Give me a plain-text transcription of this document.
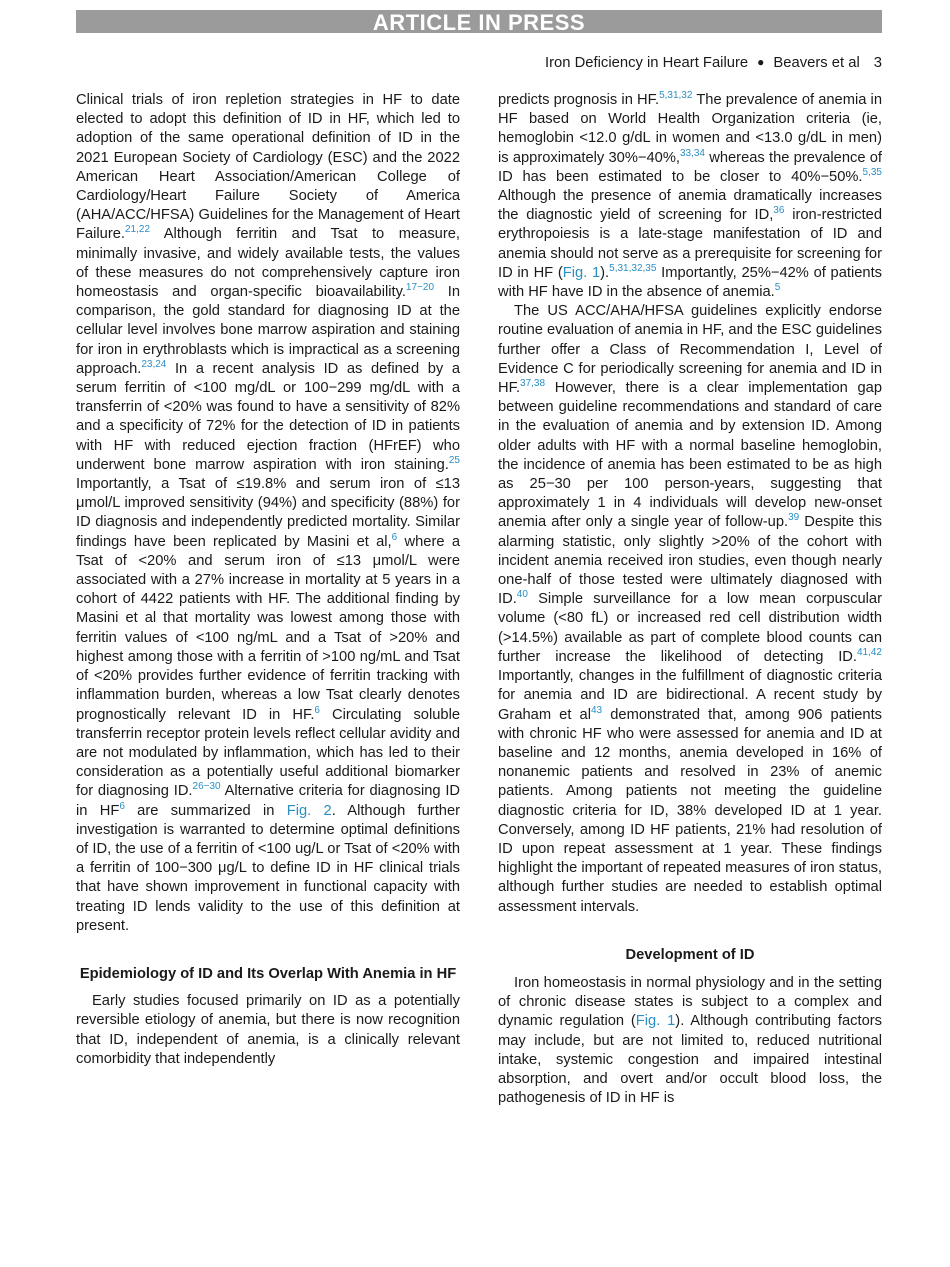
ARTICLE IN PRESS
Iron Deficiency in Heart Failure ● Beavers et al 3

Clinical trials of iron repletion strategies in HF to date elected to adopt this definition of ID in HF, which led to adoption of the same operational definition of ID in the 2021 European Society of Cardiology (ESC) and the 2022 American Heart Association/American College of Cardiology/Heart Failure Society of America (AHA/ACC/HFSA) Guidelines for the Management of Heart Failure.$^{21,22}$ Although ferritin and Tsat to measure, minimally invasive, and widely available tests, the values of these measures do not comprehensively capture iron homeostasis and organ-specific bioavailability.$^{17-20}$ In comparison, the gold standard for diagnosing ID at the cellular level involves bone marrow aspiration and staining for iron in erythroblasts which is impractical as a screening approach.$^{23,24}$ In a recent analysis ID as defined by a serum ferritin of <100 mg/dL or 100−299 mg/dL with a transferrin of <20% was found to have a sensitivity of 82% and a specificity of 72% for the detection of ID in patients with HF with reduced ejection fraction (HFrEF) who underwent bone marrow aspiration with iron staining.$^{25}$ Importantly, a Tsat of ≤19.8% and serum iron of ≤13 μmol/L improved sensitivity (94%) and specificity (88%) for ID diagnosis and independently predicted mortality. Similar findings have been replicated by Masini et al,$^6$ where a Tsat of <20% and serum iron of ≤13 μmol/L were associated with a 27% increase in mortality at 5 years in a cohort of 4422 patients with HF. The additional finding by Masini et al that mortality was lowest among those with ferritin values of <100 ng/mL and a Tsat of >20% and highest among those with a ferritin of >100 ng/mL and Tsat of <20% provides further evidence of ferritin tracking with inflammation burden, whereas a low Tsat clearly denotes prognostically relevant ID in HF.$^6$ Circulating soluble transferrin receptor protein levels reflect cellular avidity and are not modulated by inflammation, which has led to their consideration as a potentially useful additional biomarker for diagnosing ID.$^{26-30}$ Alternative criteria for diagnosing ID in HF$^6$ are summarized in Fig. 2. Although further investigation is warranted to determine optimal definitions of ID, the use of a ferritin of <100 ug/L or Tsat of <20% with a ferritin of 100−300 μg/L to define ID in HF clinical trials that have shown improvement in functional capacity with treating ID lends validity to the use of this definition at present.

Epidemiology of ID and Its Overlap With Anemia in HF

Early studies focused primarily on ID as a potentially reversible etiology of anemia, but there is now recognition that ID, independent of anemia, is a clinically relevant comorbidity that independently

predicts prognosis in HF.$^{5,31,32}$ The prevalence of anemia in HF based on World Health Organization criteria (ie, hemoglobin <12.0 g/dL in women and <13.0 g/dL in men) is approximately 30%−40%,$^{33,34}$ whereas the prevalence of ID has been estimated to be closer to 40%−50%.$^{5,35}$ Although the presence of anemia dramatically increases the diagnostic yield of screening for ID,$^{36}$ iron-restricted erythropoiesis is a late-stage manifestation of ID and anemia should not serve as a prerequisite for screening for ID in HF (Fig. 1).$^{5,31,32,35}$ Importantly, 25%−42% of patients with HF have ID in the absence of anemia.$^5$

The US ACC/AHA/HFSA guidelines explicitly endorse routine evaluation of anemia in HF, and the ESC guidelines further offer a Class of Recommendation I, Level of Evidence C for periodically screening for anemia and ID in HF.$^{37,38}$ However, there is a clear implementation gap between guideline recommendations and standard of care in the evaluation of anemia and by extension ID. Among older adults with HF with a normal baseline hemoglobin, the incidence of anemia has been estimated to be as high as 25−30 per 100 person-years, suggesting that approximately 1 in 4 individuals will develop new-onset anemia after only a single year of follow-up.$^{39}$ Despite this alarming statistic, only slightly >20% of the cohort with incident anemia received iron studies, even though nearly one-half of those tested were ultimately diagnosed with ID.$^{40}$ Simple surveillance for a low mean corpuscular volume (<80 fL) or increased red cell distribution width (>14.5%) available as part of complete blood counts can further increase the likelihood of detecting ID.$^{41,42}$ Importantly, changes in the fulfillment of diagnostic criteria for anemia and ID are bidirectional. A recent study by Graham et al$^{43}$ demonstrated that, among 906 patients with chronic HF who were assessed for anemia and ID at baseline and 12 months, anemia developed in 16% of nonanemic patients and resolved in 23% of anemic patients. Among patients not meeting the guideline diagnostic criteria for ID, 38% developed ID at 1 year. Conversely, among ID HF patients, 21% had resolution of ID upon repeat assessment at 1 year. These findings highlight the important of repeated measures of iron status, although further studies are needed to establish optimal assessment intervals.

Development of ID

Iron homeostasis in normal physiology and in the setting of chronic disease states is subject to a complex and dynamic regulation (Fig. 1). Although contributing factors may include, but are not limited to, reduced nutritional intake, systemic congestion and impaired intestinal absorption, and overt and/or occult blood loss, the pathogenesis of ID in HF is
